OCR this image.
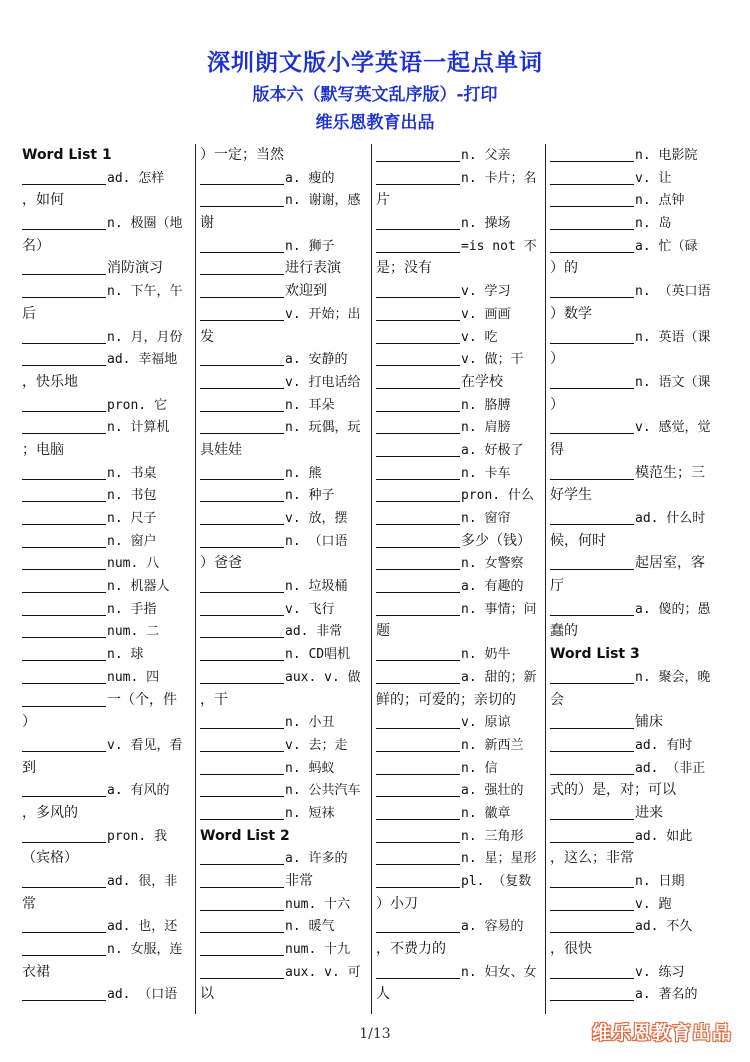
深圳朗文版小学英语一起点单词
版本六（默写英文乱序版）-打印
维乐恩教育出品
Word List 1
ad. 怎样
，如何
n. 极圈（地
名）
消防演习
n. 下午，午
后
n. 月，月份
ad. 幸福地
，快乐地
pron. 它
n. 计算机
；电脑
n. 书桌
n. 书包
n. 尺子
n. 窗户
num. 八
n. 机器人
n. 手指
num. 二
n. 球
num. 四
一（个，件
）
v. 看见，看
到
a. 有风的
，多风的
pron. 我
（宾格）
ad. 很，非
常
ad. 也，还
n. 女服，连
衣裙
ad. （口语
）一定；当然
a. 瘦的
n. 谢谢，感
谢
n. 狮子
进行表演
欢迎到
v. 开始；出
发
a. 安静的
v. 打电话给
n. 耳朵
n. 玩偶，玩
具娃娃
n. 熊
n. 种子
v. 放，摆
n. （口语
）爸爸
n. 垃圾桶
v. 飞行
ad. 非常
n. CD唱机
aux. v. 做
，干
n. 小丑
v. 去；走
n. 蚂蚁
n. 公共汽车
n. 短袜
Word List 2
a. 许多的
非常
num. 十六
n. 暖气
num. 十九
aux. v. 可
以
n. 父亲
n. 卡片；名
片
n. 操场
=is not 不
是；没有
v. 学习
v. 画画
v. 吃
v. 做；干
在学校
n. 胳膊
n. 肩膀
a. 好极了
n. 卡车
pron. 什么
n. 窗帘
多少（钱）
n. 女警察
a. 有趣的
n. 事情；问
题
n. 奶牛
a. 甜的；新
鲜的；可爱的；亲切的
v. 原谅
n. 新西兰
n. 信
a. 强壮的
n. 徽章
n. 三角形
n. 星；星形
pl. （复数
）小刀
a. 容易的
，不费力的
n. 妇女、女
人
n. 电影院
v. 让
n. 点钟
n. 岛
a. 忙（碌
）的
n. （英口语
）数学
n. 英语（课
）
n. 语文（课
）
v. 感觉，觉
得
模范生；三
好学生
ad. 什么时
候，何时
起居室，客
厅
a. 傻的；愚
蠢的
Word List 3
n. 聚会，晚
会
铺床
ad. 有时
ad. （非正
式的）是，对；可以
进来
ad. 如此
，这么；非常
n. 日期
v. 跑
ad. 不久
，很快
v. 练习
a. 著名的
1/13	维乐恩教育出品
